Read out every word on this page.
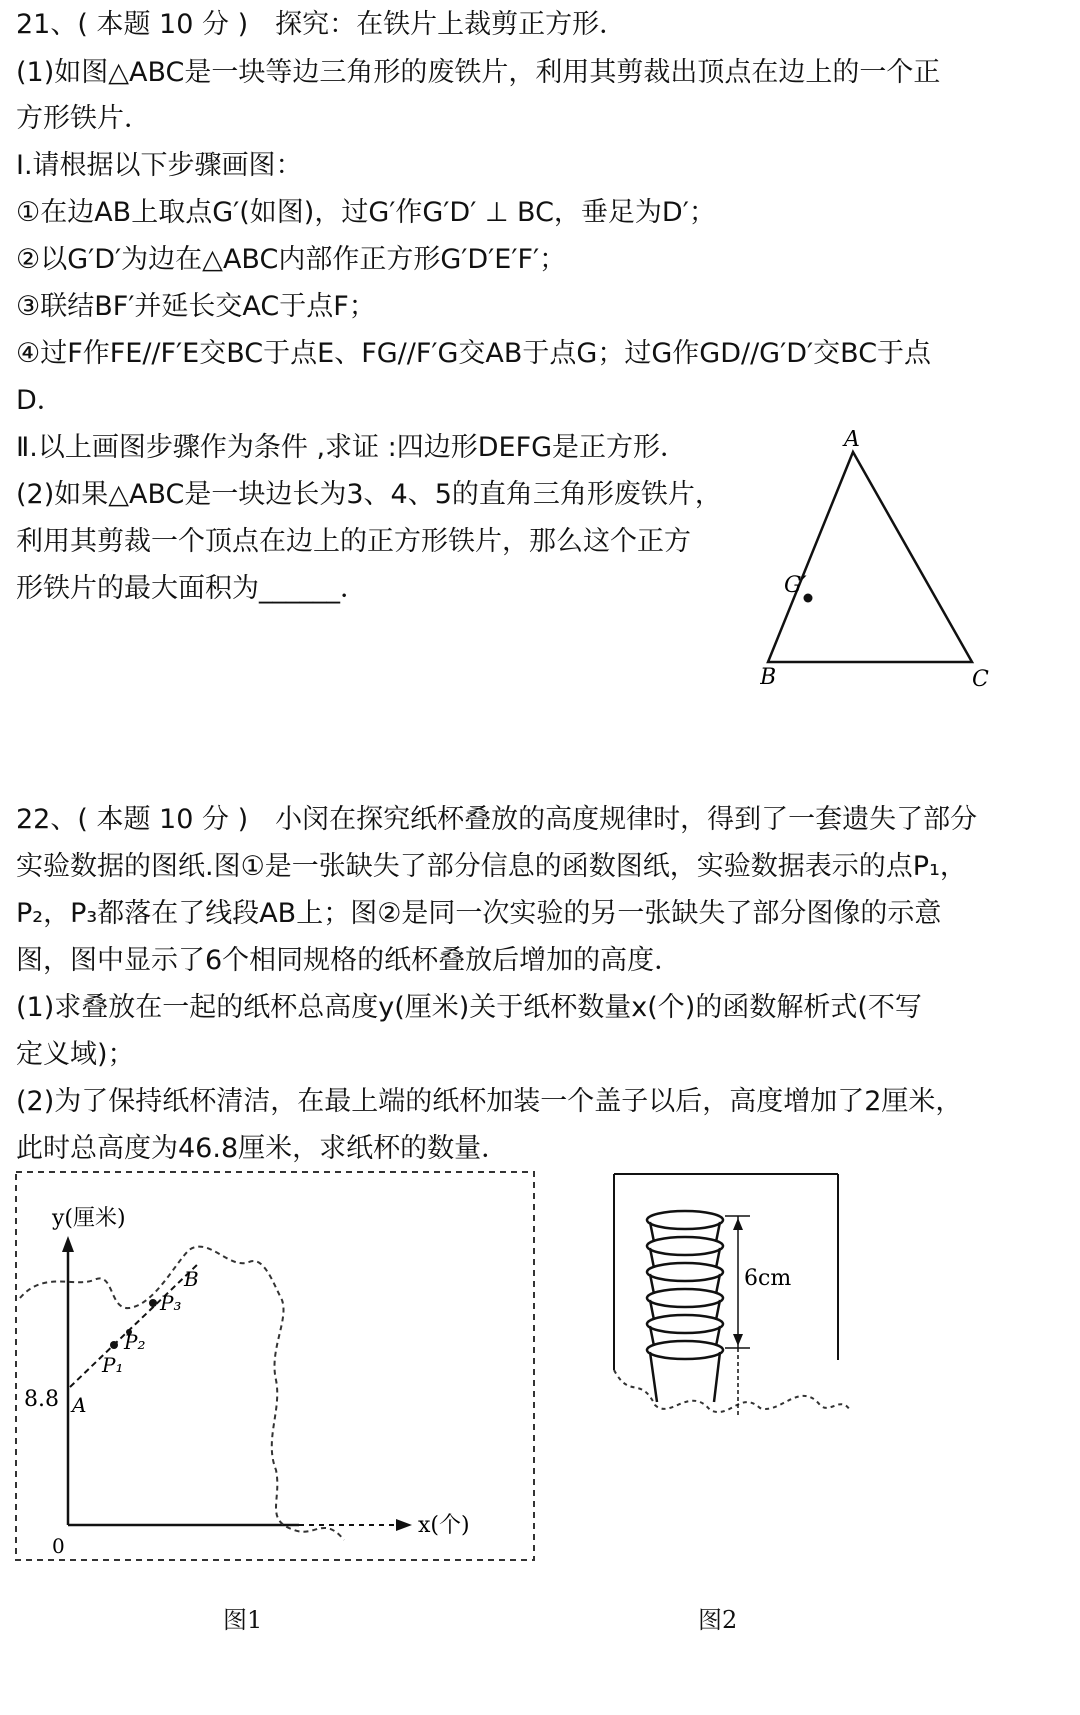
21、( 本题 10 分 )　探究：在铁片上裁剪正方形．
(1)如图△ABC是一块等边三角形的废铁片，利用其剪裁出顶点在边上的一个正
方形铁片．
Ⅰ.请根据以下步骤画图：
①在边AB上取点G′(如图)，过G′作G′D′ ⊥ BC，垂足为D′；
②以G′D′为边在△ABC内部作正方形G′D′E′F′；
③联结BF′并延长交AC于点F；
④过F作FE//F′E交BC于点E、FG//F′G交AB于点G；过G作GD//G′D′交BC于点
D．
Ⅱ.以上画图步骤作为条件 ,求证 :四边形DEFG是正方形．
(2)如果△ABC是一块边长为3、4、5的直角三角形废铁片，
利用其剪裁一个顶点在边上的正方形铁片，那么这个正方
形铁片的最大面积为______．
A
B	C
G′
22、( 本题 10 分 )　小闵在探究纸杯叠放的高度规律时，得到了一套遗失了部分
实验数据的图纸.图①是一张缺失了部分信息的函数图纸，实验数据表示的点P₁，
P₂，P₃都落在了线段AB上；图②是同一次实验的另一张缺失了部分图像的示意
图，图中显示了6个相同规格的纸杯叠放后增加的高度．
(1)求叠放在一起的纸杯总高度y(厘米)关于纸杯数量x(个)的函数解析式(不写
定义域)；
(2)为了保持纸杯清洁，在最上端的纸杯加装一个盖子以后，高度增加了2厘米，
此时总高度为46.8厘米，求纸杯的数量．
y(厘米)
x(个)
0
8.8 A
B
P₁
P₂
P₃
图1
6cm
图2
